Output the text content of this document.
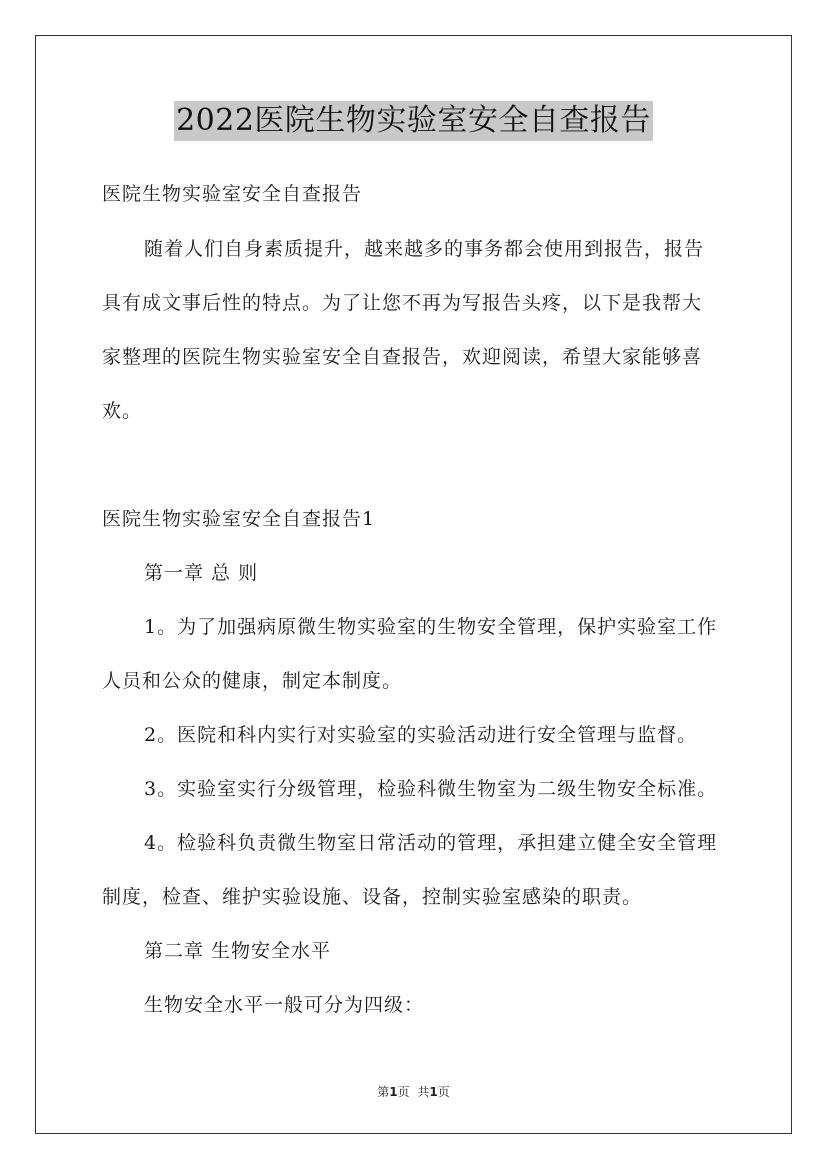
2022医院生物实验室安全自查报告
医院生物实验室安全自查报告
随着人们自身素质提升，越来越多的事务都会使用到报告，报告
具有成文事后性的特点。为了让您不再为写报告头疼，以下是我帮大
家整理的医院生物实验室安全自查报告，欢迎阅读，希望大家能够喜
欢。
医院生物实验室安全自查报告1
第一章 总 则
1。为了加强病原微生物实验室的生物安全管理，保护实验室工作
人员和公众的健康，制定本制度。
2。医院和科内实行对实验室的实验活动进行安全管理与监督。
3。实验室实行分级管理，检验科微生物室为二级生物安全标准。
4。检验科负责微生物室日常活动的管理，承担建立健全安全管理
制度，检查、维护实验设施、设备，控制实验室感染的职责。
第二章 生物安全水平
生物安全水平一般可分为四级：
第1页 共1页
